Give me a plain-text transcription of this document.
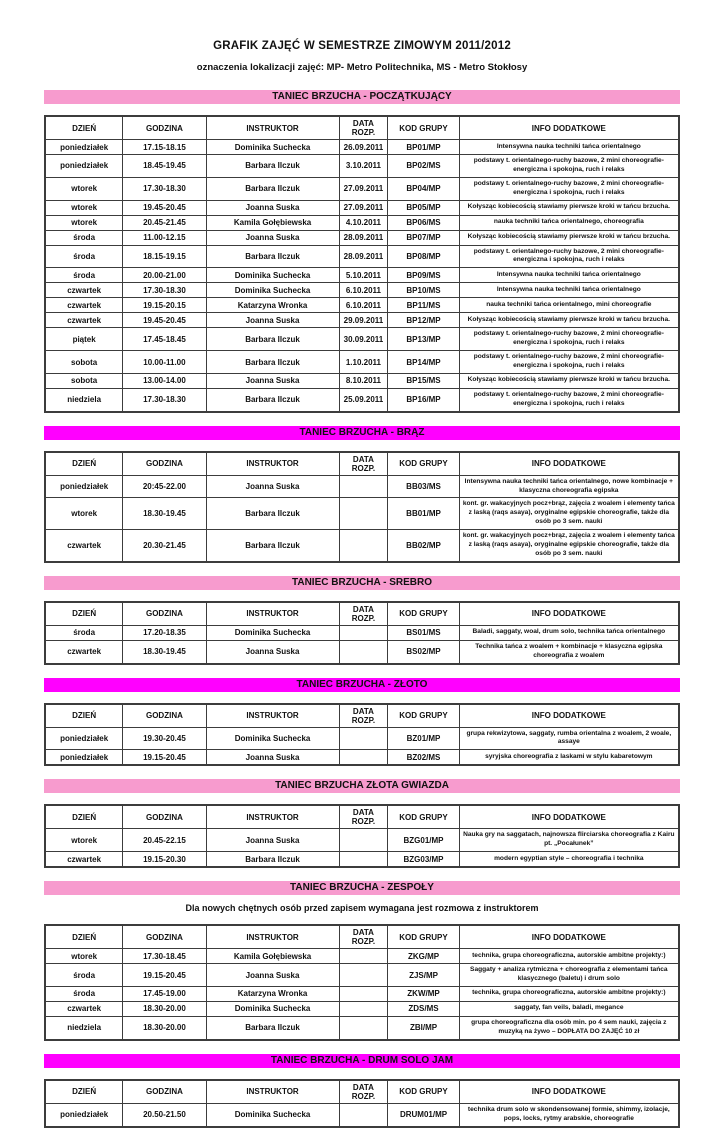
GRAFIK ZAJĘĆ W SEMESTRZE ZIMOWYM 2011/2012
oznaczenia lokalizacji zajęć: MP- Metro Politechnika, MS - Metro Stokłosy
TANIEC BRZUCHA - POCZĄTKUJĄCY
DZIEŃ	GODZINA	INSTRUKTOR	DATA ROZP.	KOD GRUPY	INFO DODATKOWE
poniedziałek	17.15-18.15	Dominika Suchecka	26.09.2011	BP01/MP	Intensywna nauka techniki tańca orientalnego
poniedziałek	18.45-19.45	Barbara Ilczuk	3.10.2011	BP02/MS	podstawy t. orientalnego-ruchy bazowe, 2 mini choreografie-energiczna i spokojna, ruch i relaks
wtorek	17.30-18.30	Barbara Ilczuk	27.09.2011	BP04/MP	podstawy t. orientalnego-ruchy bazowe, 2 mini choreografie-energiczna i spokojna, ruch i relaks
wtorek	19.45-20.45	Joanna Suska	27.09.2011	BP05/MP	Kołysząc kobiecością stawiamy pierwsze kroki w tańcu brzucha.
wtorek	20.45-21.45	Kamila Gołębiewska	4.10.2011	BP06/MS	nauka techniki tańca orientalnego, choreografia
środa	11.00-12.15	Joanna Suska	28.09.2011	BP07/MP	Kołysząc kobiecością stawiamy pierwsze kroki w tańcu brzucha.
środa	18.15-19.15	Barbara Ilczuk	28.09.2011	BP08/MP	podstawy t. orientalnego-ruchy bazowe, 2 mini choreografie-energiczna i spokojna, ruch i relaks
środa	20.00-21.00	Dominika Suchecka	5.10.2011	BP09/MS	Intensywna nauka techniki tańca orientalnego
czwartek	17.30-18.30	Dominika Suchecka	6.10.2011	BP10/MS	Intensywna nauka techniki tańca orientalnego
czwartek	19.15-20.15	Katarzyna Wronka	6.10.2011	BP11/MS	nauka techniki tańca orientalnego, mini choreografie
czwartek	19.45-20.45	Joanna Suska	29.09.2011	BP12/MP	Kołysząc kobiecością stawiamy pierwsze kroki w tańcu brzucha.
piątek	17.45-18.45	Barbara Ilczuk	30.09.2011	BP13/MP	podstawy t. orientalnego-ruchy bazowe, 2 mini choreografie-energiczna i spokojna, ruch i relaks
sobota	10.00-11.00	Barbara Ilczuk	1.10.2011	BP14/MP	podstawy t. orientalnego-ruchy bazowe, 2 mini choreografie-energiczna i spokojna, ruch i relaks
sobota	13.00-14.00	Joanna Suska	8.10.2011	BP15/MS	Kołysząc kobiecością stawiamy pierwsze kroki w tańcu brzucha.
niedziela	17.30-18.30	Barbara Ilczuk	25.09.2011	BP16/MP	podstawy t. orientalnego-ruchy bazowe, 2 mini choreografie-energiczna i spokojna, ruch i relaks
TANIEC BRZUCHA - BRĄZ
DZIEŃ	GODZINA	INSTRUKTOR	DATA ROZP.	KOD GRUPY	INFO DODATKOWE
poniedziałek	20:45-22.00	Joanna Suska		BB03/MS	Intensywna nauka techniki tańca orientalnego, nowe kombinacje + klasyczna choreografia egipska
wtorek	18.30-19.45	Barbara Ilczuk		BB01/MP	kont. gr. wakacyjnych pocz+brąz, zajęcia z woalem i elementy tańca z laską (raqs asaya), oryginalne egipskie choreografie, także dla osób po 3 sem. nauki
czwartek	20.30-21.45	Barbara Ilczuk		BB02/MP	kont. gr. wakacyjnych pocz+brąz, zajęcia z woalem i elementy tańca z laską (raqs asaya), oryginalne egipskie choreografie, także dla osób po 3 sem. nauki
TANIEC BRZUCHA - SREBRO
DZIEŃ	GODZINA	INSTRUKTOR	DATA ROZP.	KOD GRUPY	INFO DODATKOWE
środa	17.20-18.35	Dominika Suchecka		BS01/MS	Baladi, saggaty, woal, drum solo, technika tańca orientalnego
czwartek	18.30-19.45	Joanna Suska		BS02/MP	Technika tańca z woalem + kombinacje + klasyczna egipska choreografia z woalem
TANIEC BRZUCHA - ZŁOTO
DZIEŃ	GODZINA	INSTRUKTOR	DATA ROZP.	KOD GRUPY	INFO DODATKOWE
poniedziałek	19.30-20.45	Dominika Suchecka		BZ01/MP	grupa rekwizytowa, saggaty, rumba orientalna z woalem, 2 woale, assaye
poniedziałek	19.15-20.45	Joanna Suska		BZ02/MS	syryjska choreografia z laskami w stylu kabaretowym
TANIEC BRZUCHA ZŁOTA GWIAZDA
DZIEŃ	GODZINA	INSTRUKTOR	DATA ROZP.	KOD GRUPY	INFO DODATKOWE
wtorek	20.45-22.15	Joanna Suska		BZG01/MP	Nauka gry na saggatach, najnowsza flirciarska choreografia z Kairu pt. „Pocałunek”
czwartek	19.15-20.30	Barbara Ilczuk		BZG03/MP	modern egyptian style – choreografia i technika
TANIEC BRZUCHA - ZESPOŁY
Dla nowych chętnych osób przed zapisem wymagana jest rozmowa z instruktorem
DZIEŃ	GODZINA	INSTRUKTOR	DATA ROZP.	KOD GRUPY	INFO DODATKOWE
wtorek	17.30-18.45	Kamila Gołębiewska		ZKG/MP	technika, grupa choreograficzna, autorskie ambitne projekty:)
środa	19.15-20.45	Joanna Suska		ZJS/MP	Saggaty + analiza rytmiczna + choreografia z elementami tańca klasycznego (baletu) i drum solo
środa	17.45-19.00	Katarzyna Wronka		ZKW/MP	technika, grupa choreograficzna, autorskie ambitne projekty:)
czwartek	18.30-20.00	Dominika Suchecka		ZDS/MS	saggaty, fan veils, baladi, megance
niedziela	18.30-20.00	Barbara Ilczuk		ZBI/MP	grupa choreograficzna dla osób min. po 4 sem nauki, zajęcia z muzyką na żywo – DOPŁATA DO ZAJĘĆ 10 zł
TANIEC BRZUCHA - DRUM SOLO JAM
DZIEŃ	GODZINA	INSTRUKTOR	DATA ROZP.	KOD GRUPY	INFO DODATKOWE
poniedziałek	20.50-21.50	Dominika Suchecka		DRUM01/MP	technika drum solo w skondensowanej formie, shimmy, izolacje, pops, locks, rytmy arabskie, choreografie
